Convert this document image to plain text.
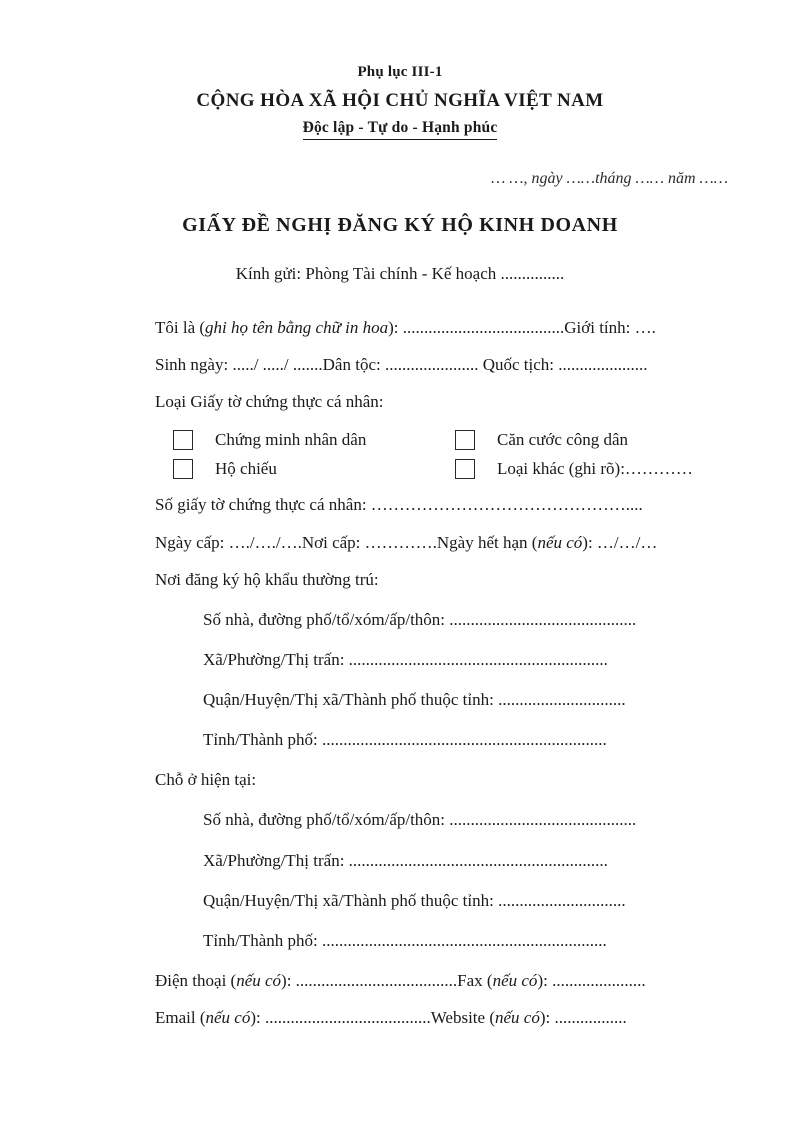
Phụ lục III-1
CỘNG HÒA XÃ HỘI CHỦ NGHĨA VIỆT NAM
Độc lập - Tự do - Hạnh phúc
… …, ngày ……tháng …… năm ……
GIẤY ĐỀ NGHỊ ĐĂNG KÝ HỘ KINH DOANH
Kính gửi: Phòng Tài chính - Kế hoạch ...............
Tôi là (ghi họ tên bằng chữ in hoa): ......................................Giới tính: ….
Sinh ngày: ...../ ...../ .......Dân tộc: ...................... Quốc tịch: .....................
Loại Giấy tờ chứng thực cá nhân:
Chứng minh nhân dân	Căn cước công dân
Hộ chiếu	Loại khác (ghi rõ):…………
Số giấy tờ chứng thực cá nhân: ………………………………………....
Ngày cấp: …./…./….Nơi cấp: ………….Ngày hết hạn (nếu có): …/…/…
Nơi đăng ký hộ khẩu thường trú:
Số nhà, đường phố/tổ/xóm/ấp/thôn: ............................................
Xã/Phường/Thị trấn: .............................................................
Quận/Huyện/Thị xã/Thành phố thuộc tỉnh: ..............................
Tỉnh/Thành phố: ...................................................................
Chỗ ở hiện tại:
Số nhà, đường phố/tổ/xóm/ấp/thôn: ............................................
Xã/Phường/Thị trấn: .............................................................
Quận/Huyện/Thị xã/Thành phố thuộc tỉnh: ..............................
Tỉnh/Thành phố: ...................................................................
Điện thoại (nếu có): ......................................Fax (nếu có): ......................
Email (nếu có): .......................................Website (nếu có): .................
